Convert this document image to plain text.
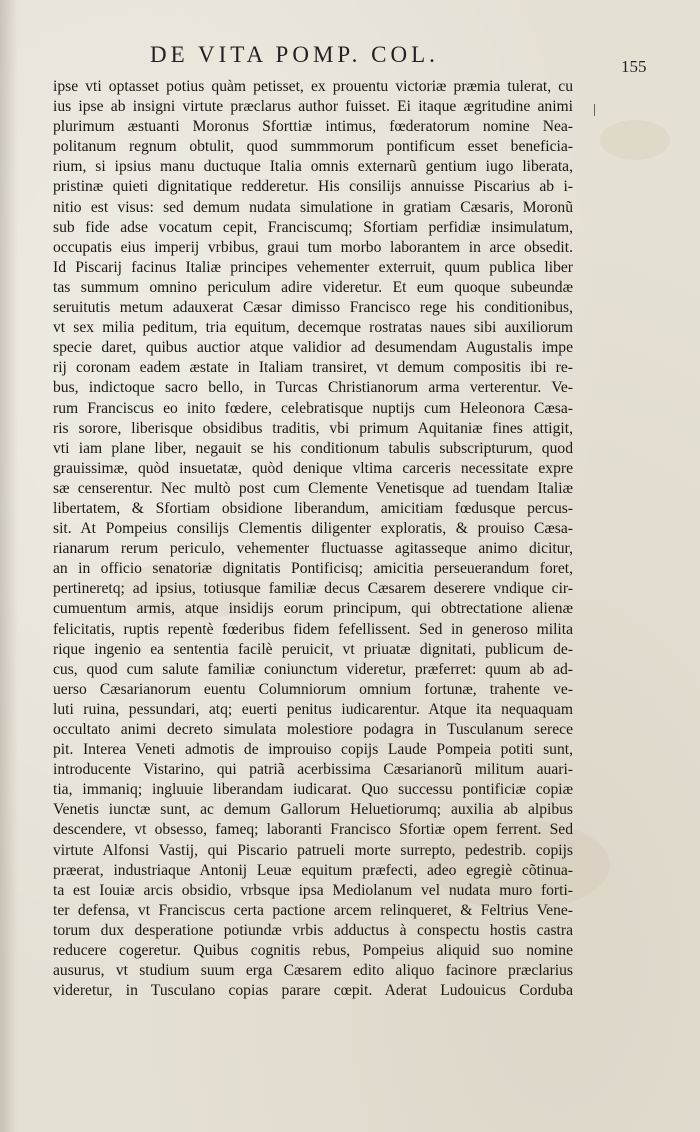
DE VITA POMP. COL.	155
ipse vti optasset potius quàm petisset, ex prouentu victoriæ præmia tulerat, cu
ius ipse ab insigni virtute præclarus author fuisset. Ei itaque ægritudine animi
plurimum æstuanti Moronus Sforttiæ intimus, fœderatorum nomine Nea-
politanum regnum obtulit, quod summmorum pontificum esset beneficia-
rium, si ipsius manu ductuque Italia omnis externarũ gentium iugo liberata,
pristinæ quieti dignitatique redderetur. His consilijs annuisse Piscarius ab i-
nitio est visus: sed demum nudata simulatione in gratiam Cæsaris, Moronũ
sub fide adse vocatum cepit, Franciscumq; Sfortiam perfidiæ insimulatum,
occupatis eius imperij vrbibus, graui tum morbo laborantem in arce obsedit.
Id Piscarij facinus Italiæ principes vehementer exterruit, quum publica liber
tas summum omnino periculum adire videretur. Et eum quoque subeundæ
seruitutis metum adauxerat Cæsar dimisso Francisco rege his conditionibus,
vt sex milia peditum, tria equitum, decemque rostratas naues sibi auxiliorum
specie daret, quibus auctior atque validior ad desumendam Augustalis impe
rij coronam eadem æstate in Italiam transiret, vt demum compositis ibi re-
bus, indictoque sacro bello, in Turcas Christianorum arma verterentur. Ve-
rum Franciscus eo inito fœdere, celebratisque nuptijs cum Heleonora Cæsa-
ris sorore, liberisque obsidibus traditis, vbi primum Aquitaniæ fines attigit,
vti iam plane liber, negauit se his conditionum tabulis subscripturum, quod
grauissimæ, quòd insuetatæ, quòd denique vltima carceris necessitate expre
sæ censerentur. Nec multò post cum Clemente Venetisque ad tuendam Italiæ
libertatem, & Sfortiam obsidione liberandum, amicitiam fœdusque percus-
sit. At Pompeius consilijs Clementis diligenter exploratis, & prouiso Cæsa-
rianarum rerum periculo, vehementer fluctuasse agitasseque animo dicitur,
an in officio senatoriæ dignitatis Pontificisq; amicitia perseuerandum foret,
pertineretq; ad ipsius, totiusque familiæ decus Cæsarem deserere vndique cir-
cumuentum armis, atque insidijs eorum principum, qui obtrectatione alienæ
felicitatis, ruptis repentè fœderibus fidem fefellissent. Sed in generoso milita
rique ingenio ea sententia facilè peruicit, vt priuatæ dignitati, publicum de-
cus, quod cum salute familiæ coniunctum videretur, præferret: quum ab ad-
uerso Cæsarianorum euentu Columniorum omnium fortunæ, trahente ve-
luti ruina, pessundari, atq; euerti penitus iudicarentur. Atque ita nequaquam
occultato animi decreto simulata molestiore podagra in Tusculanum serece
pit. Interea Veneti admotis de improuiso copijs Laude Pompeia potiti sunt,
introducente Vistarino, qui patriã acerbissima Cæsarianorũ militum auari-
tia, immaniq; ingluuie liberandam iudicarat. Quo successu pontificiæ copiæ
Venetis iunctæ sunt, ac demum Gallorum Heluetiorumq; auxilia ab alpibus
descendere, vt obsesso, fameq; laboranti Francisco Sfortiæ opem ferrent. Sed
virtute Alfonsi Vastij, qui Piscario patrueli morte surrepto, pedestrib. copijs
præerat, industriaque Antonij Leuæ equitum præfecti, adeo egregiè cõtinua-
ta est Iouiæ arcis obsidio, vrbsque ipsa Mediolanum vel nudata muro forti-
ter defensa, vt Franciscus certa pactione arcem relinqueret, & Feltrius Vene-
torum dux desperatione potiundæ vrbis adductus à conspectu hostis castra
reducere cogeretur. Quibus cognitis rebus, Pompeius aliquid suo nomine
ausurus, vt studium suum erga Cæsarem edito aliquo facinore præclarius
videretur, in Tusculano copias parare cœpit. Aderat Ludouicus Corduba
